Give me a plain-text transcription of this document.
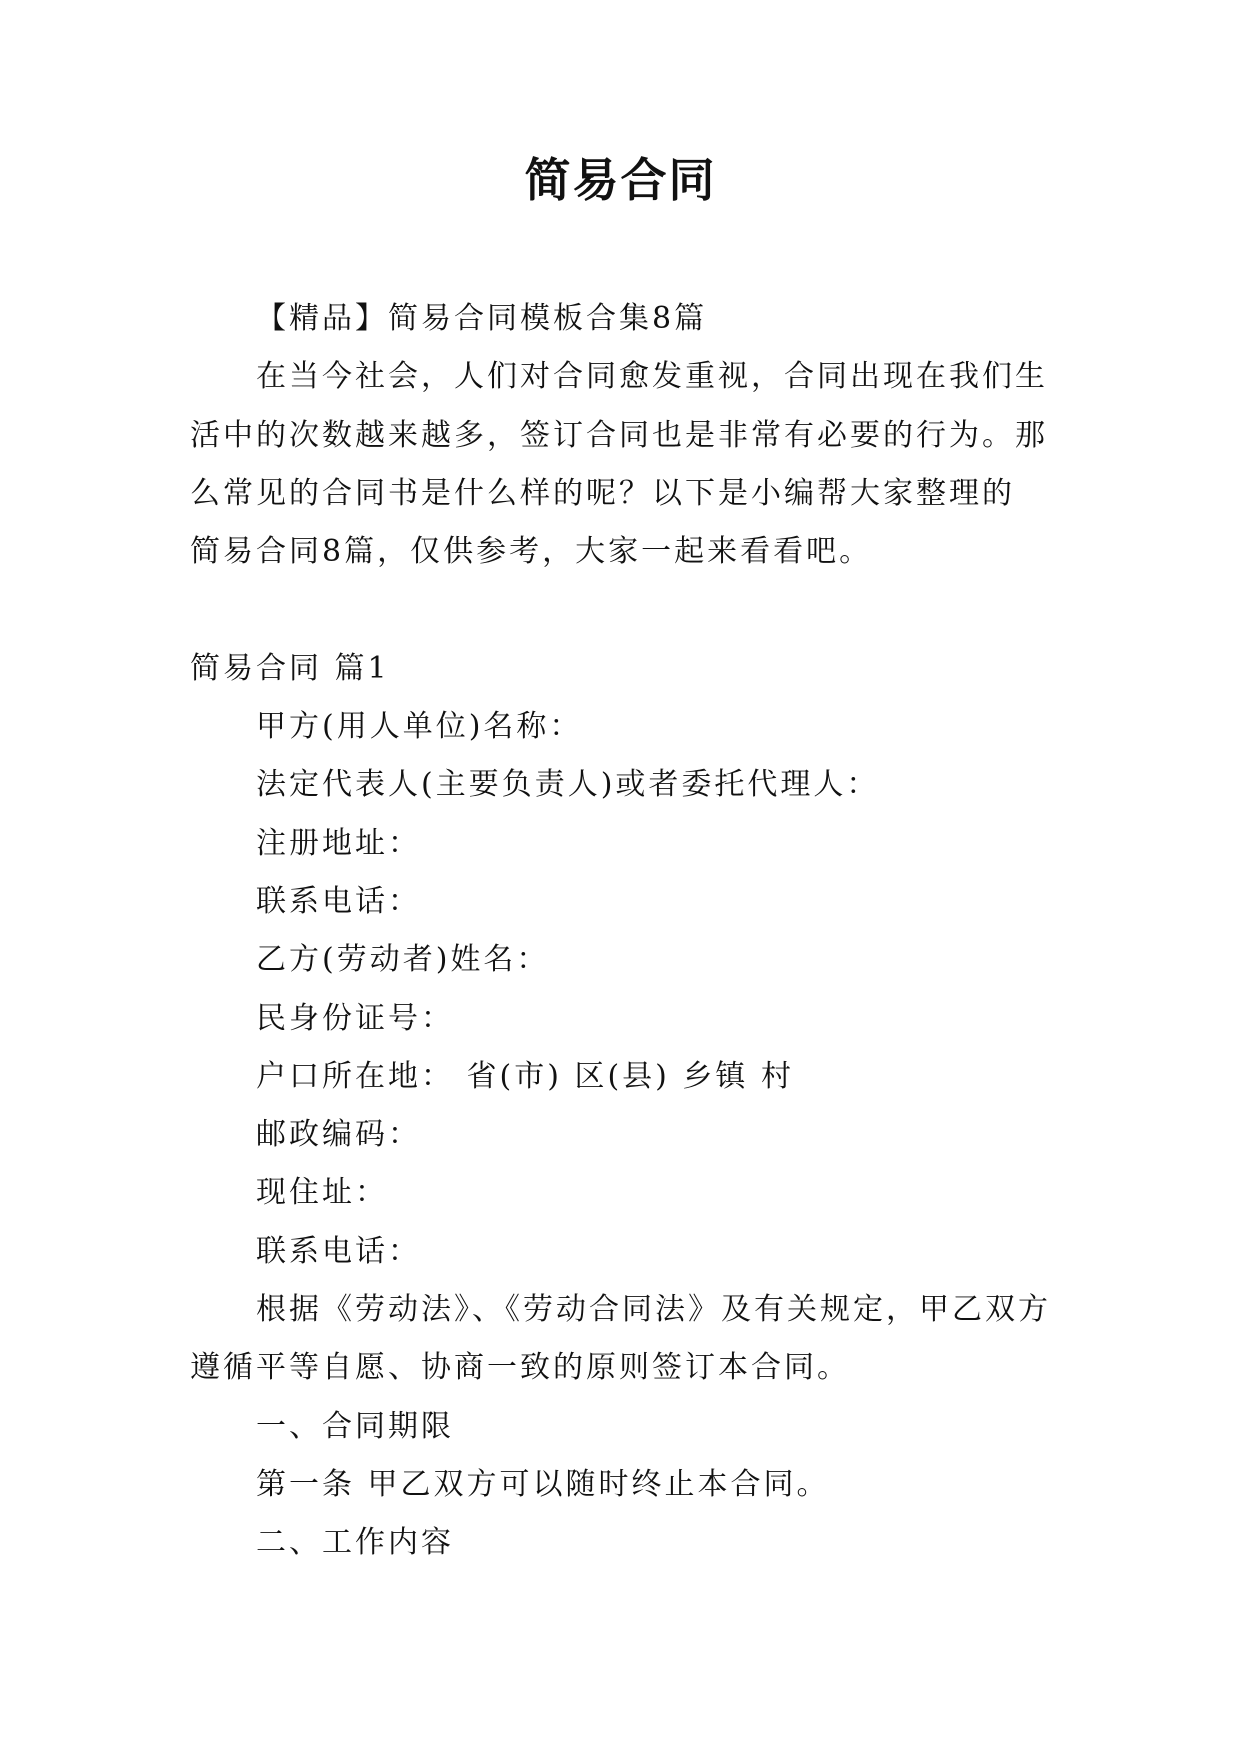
简易合同
【精品】简易合同模板合集8篇
在当今社会，人们对合同愈发重视，合同出现在我们生
活中的次数越来越多，签订合同也是非常有必要的行为。那
么常见的合同书是什么样的呢？以下是小编帮大家整理的
简易合同8篇，仅供参考，大家一起来看看吧。
简易合同 篇1
甲方(用人单位)名称：
法定代表人(主要负责人)或者委托代理人：
注册地址：
联系电话：
乙方(劳动者)姓名：
民身份证号：
户口所在地： 省(市) 区(县) 乡镇 村
邮政编码：
现住址：
联系电话：
根据《劳动法》、《劳动合同法》及有关规定，甲乙双方
遵循平等自愿、协商一致的原则签订本合同。
一、合同期限
第一条 甲乙双方可以随时终止本合同。
二、工作内容
